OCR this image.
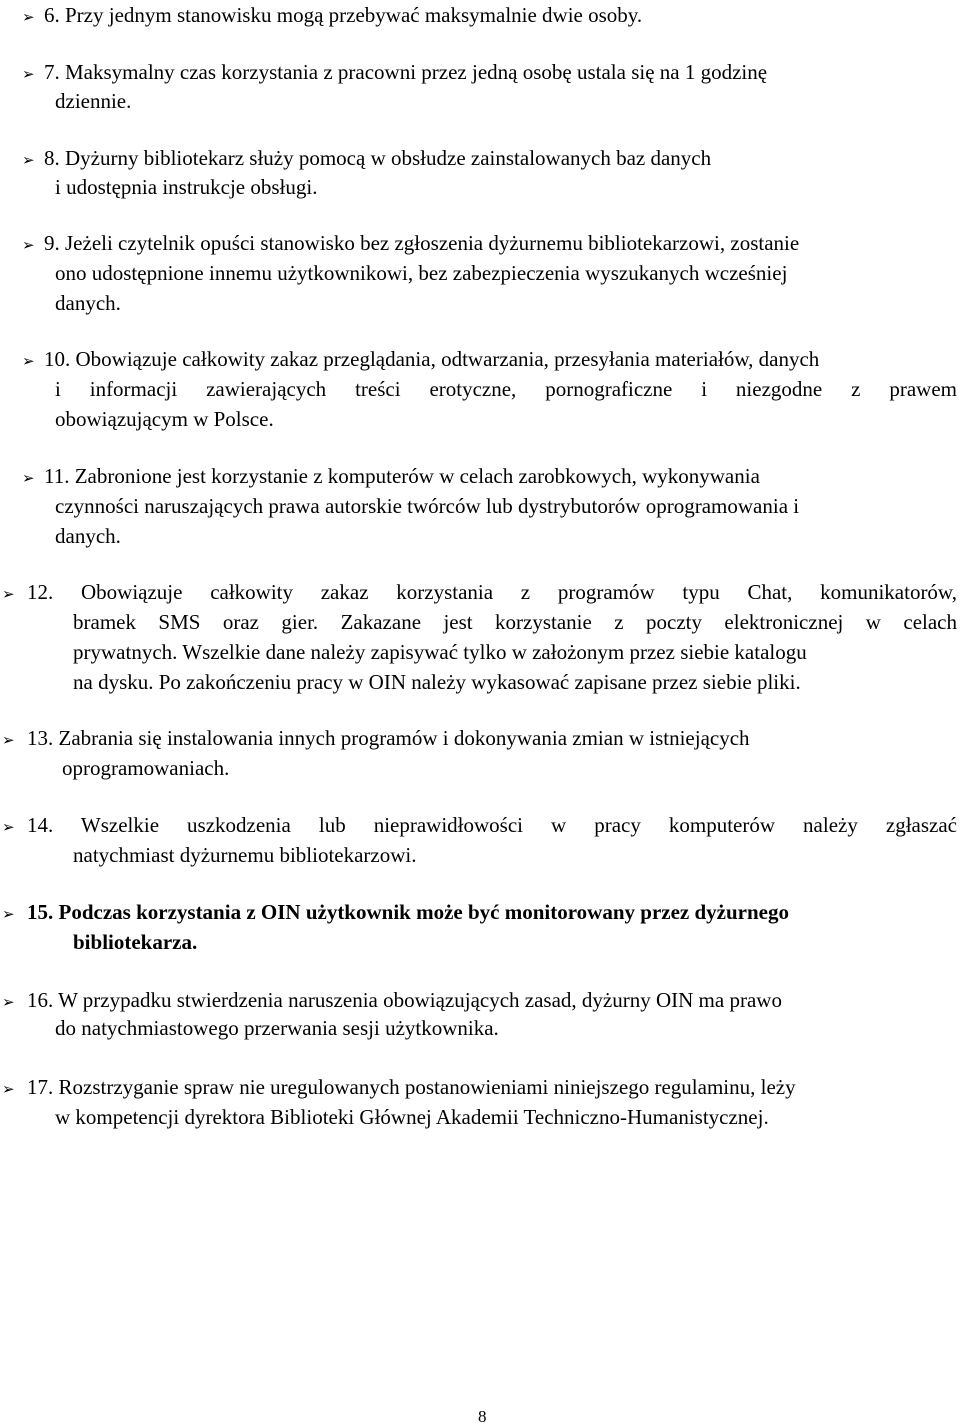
➢ 6. Przy jednym stanowisku mogą przebywać maksymalnie dwie osoby.
➢ 7. Maksymalny czas korzystania z pracowni przez jedną osobę ustala się na 1 godzinę
dziennie.
➢ 8. Dyżurny bibliotekarz służy pomocą w obsłudze zainstalowanych baz danych
i udostępnia instrukcje obsługi.
➢ 9. Jeżeli czytelnik opuści stanowisko bez zgłoszenia dyżurnemu bibliotekarzowi, zostanie
ono udostępnione innemu użytkownikowi, bez zabezpieczenia wyszukanych wcześniej
danych.
➢ 10. Obowiązuje całkowity zakaz przeglądania, odtwarzania, przesyłania materiałów, danych
i informacji zawierających treści erotyczne, pornograficzne i niezgodne z prawem
obowiązującym w Polsce.
➢ 11. Zabronione jest korzystanie z komputerów w celach zarobkowych, wykonywania
czynności naruszających prawa autorskie twórców lub dystrybutorów oprogramowania i
danych.
➢ 12. Obowiązuje całkowity zakaz korzystania z programów typu Chat, komunikatorów,
bramek SMS oraz gier. Zakazane jest korzystanie z poczty elektronicznej w celach
prywatnych. Wszelkie dane należy zapisywać tylko w założonym przez siebie katalogu
na dysku. Po zakończeniu pracy w OIN należy wykasować zapisane przez siebie pliki.
➢ 13. Zabrania się instalowania innych programów i dokonywania zmian w istniejących
oprogramowaniach.
➢ 14. Wszelkie uszkodzenia lub nieprawidłowości w pracy komputerów należy zgłaszać
natychmiast dyżurnemu bibliotekarzowi.
➢ 15. Podczas korzystania z OIN użytkownik może być monitorowany przez dyżurnego
bibliotekarza.
➢ 16. W przypadku stwierdzenia naruszenia obowiązujących zasad, dyżurny OIN ma prawo
do natychmiastowego przerwania sesji użytkownika.
➢ 17. Rozstrzyganie spraw nie uregulowanych postanowieniami niniejszego regulaminu, leży
w kompetencji dyrektora Biblioteki Głównej Akademii Techniczno-Humanistycznej.
8
